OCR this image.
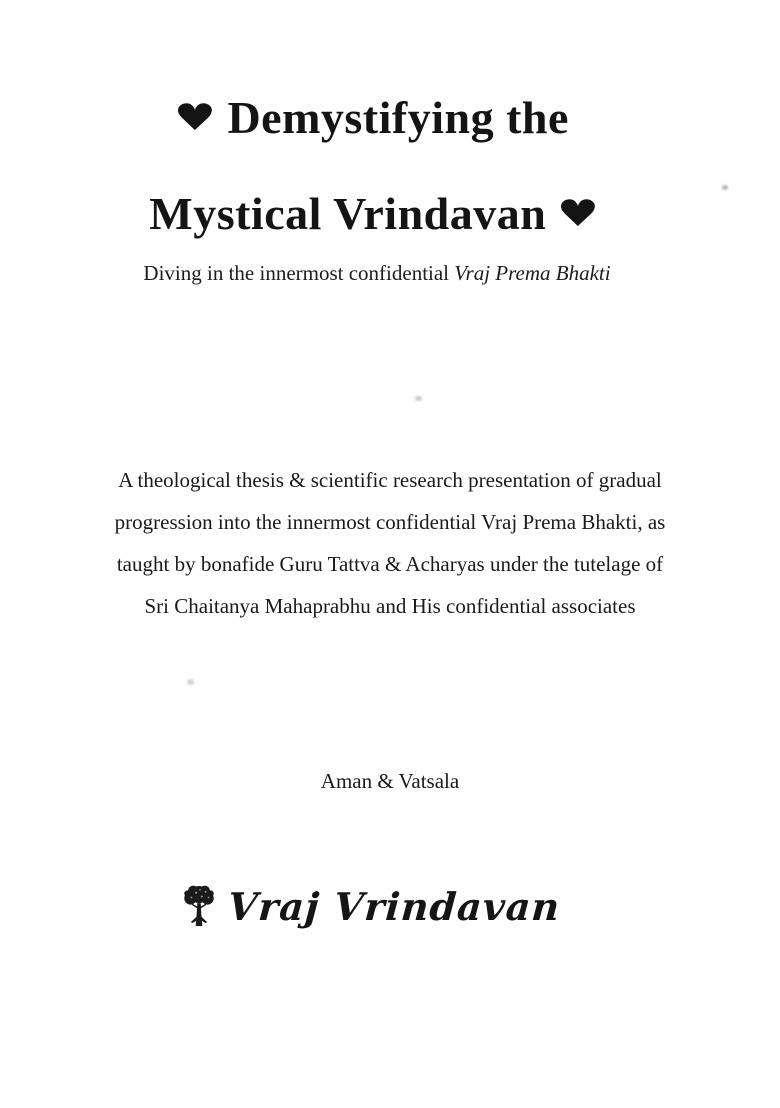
♥ Demystifying the
Mystical Vrindavan ♥
Diving in the innermost confidential Vraj Prema Bhakti
A theological thesis & scientific research presentation of gradual
progression into the innermost confidential Vraj Prema Bhakti, as
taught by bonafide Guru Tattva & Acharyas under the tutelage of
Sri Chaitanya Mahaprabhu and His confidential associates
Aman & Vatsala
Vraj Vrindavan
